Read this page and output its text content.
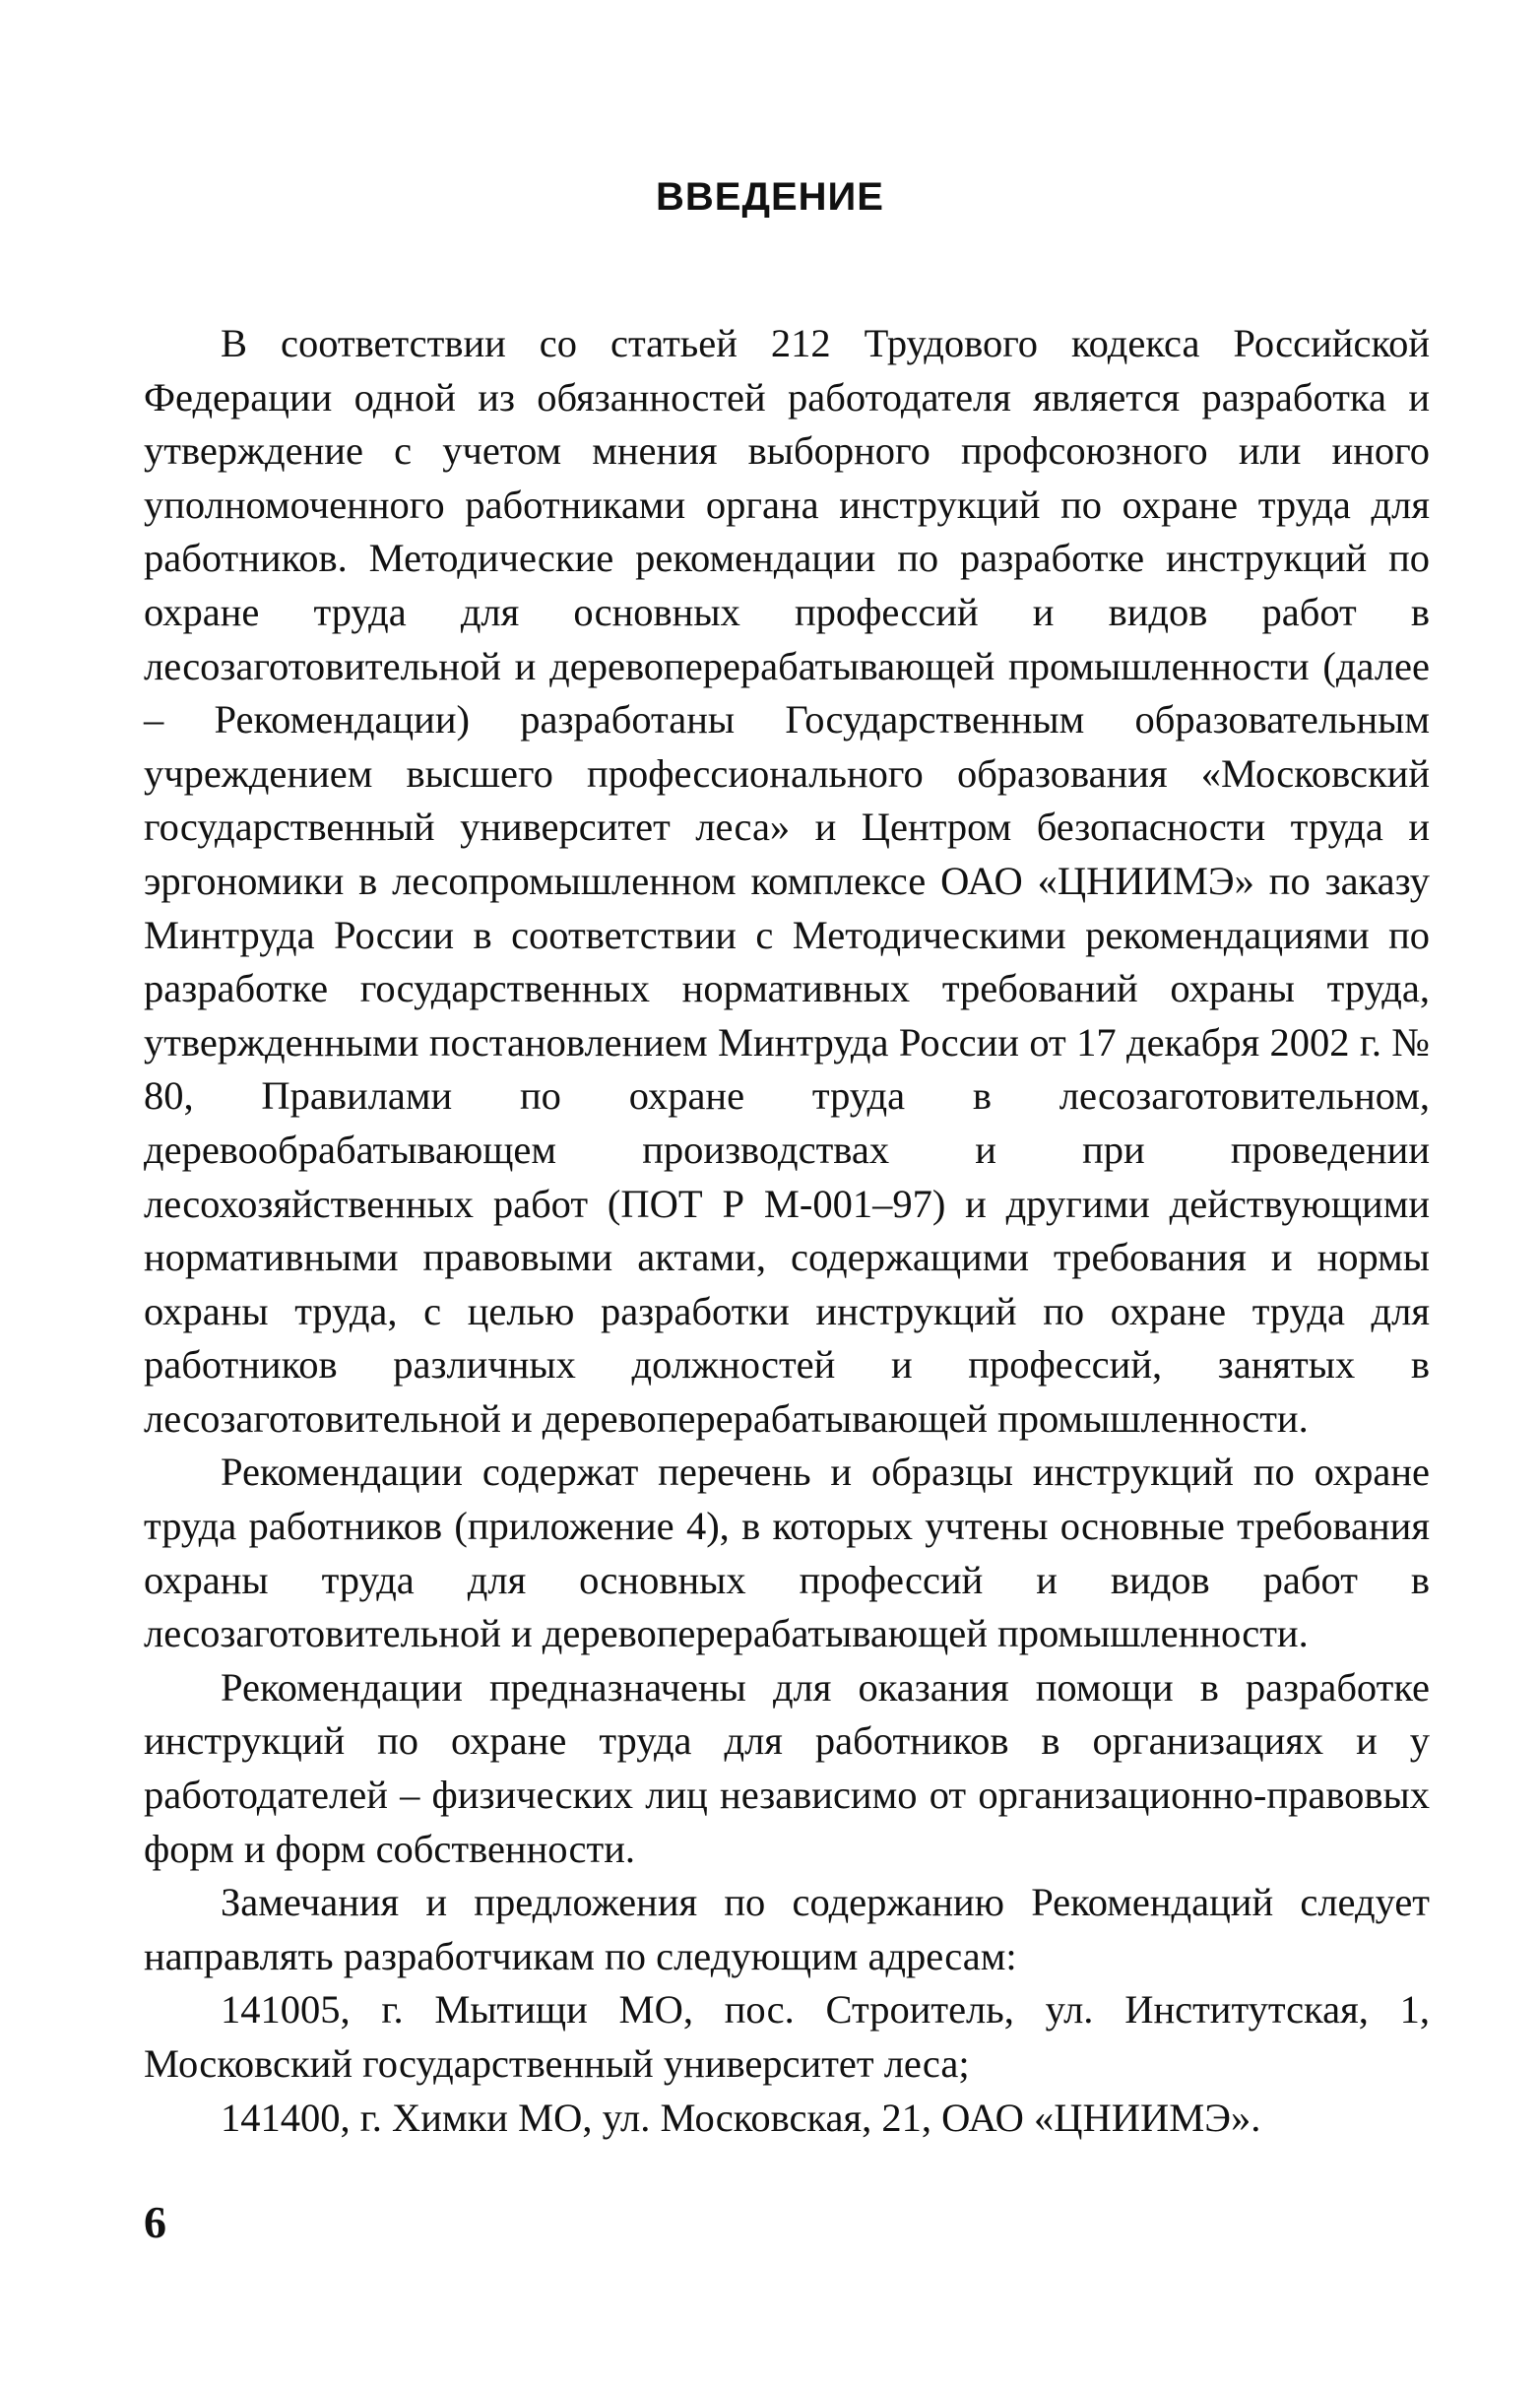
ВВЕДЕНИЕ

В соответствии со статьей 212 Трудового кодекса Российской Федерации одной из обязанностей работодателя является разработка и утверждение с учетом мнения выборного профсоюзного или иного уполномоченного работниками органа инструкций по охране труда для работников. Методические рекомендации по разработке инструкций по охране труда для основных профессий и видов работ в лесозаготовительной и деревоперерабатывающей промышленности (далее – Рекомендации) разработаны Государственным образовательным учреждением высшего профессионального образования «Московский государственный университет леса» и Центром безопасности труда и эргономики в лесопромышленном комплексе ОАО «ЦНИИМЭ» по заказу Минтруда России в соответствии с Методическими рекомендациями по разработке государственных нормативных требований охраны труда, утвержденными постановлением Минтруда России от 17 декабря 2002 г. № 80, Правилами по охране труда в лесозаготовительном, деревообрабатывающем производствах и при проведении лесохозяйственных работ (ПОТ Р М-001–97) и другими действующими нормативными правовыми актами, содержащими требования и нормы охраны труда, с целью разработки инструкций по охране труда для работников различных должностей и профессий, занятых в лесозаготовительной и деревоперерабатывающей промышленности.

Рекомендации содержат перечень и образцы инструкций по охране труда работников (приложение 4), в которых учтены основные требования охраны труда для основных профессий и видов работ в лесозаготовительной и деревоперерабатывающей промышленности.

Рекомендации предназначены для оказания помощи в разработке инструкций по охране труда для работников в организациях и у работодателей – физических лиц независимо от организационно-правовых форм и форм собственности.

Замечания и предложения по содержанию Рекомендаций следует направлять разработчикам по следующим адресам:

141005, г. Мытищи МО, пос. Строитель, ул. Институтская, 1, Московский государственный университет леса;

141400, г. Химки МО, ул. Московская, 21, ОАО «ЦНИИМЭ».

6
